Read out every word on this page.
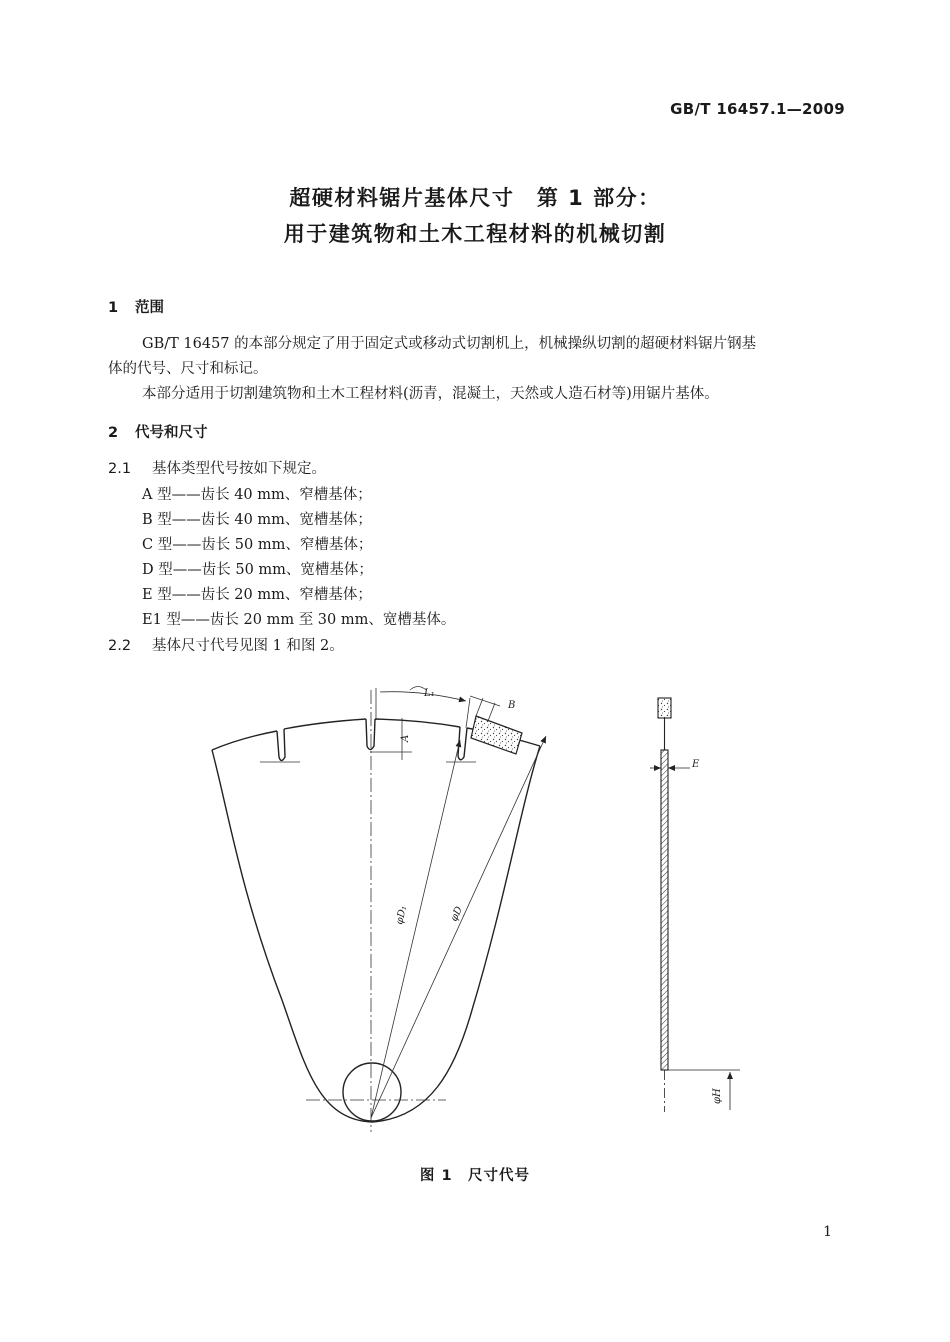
GB/T 16457.1—2009
超硬材料锯片基体尺寸　第 1 部分：
用于建筑物和土木工程材料的机械切割
1 范围
GB/T 16457 的本部分规定了用于固定式或移动式切割机上，机械操纵切割的超硬材料锯片钢基
体的代号、尺寸和标记。
本部分适用于切割建筑物和土木工程材料(沥青，混凝土，天然或人造石材等)用锯片基体。
2 代号和尺寸
2.1 基体类型代号按如下规定。
A 型——齿长 40 mm、窄槽基体；
B 型——齿长 40 mm、宽槽基体；
C 型——齿长 50 mm、窄槽基体；
D 型——齿长 50 mm、宽槽基体；
E 型——齿长 20 mm、窄槽基体；
E1 型——齿长 20 mm 至 30 mm、宽槽基体。
2.2 基体尺寸代号见图 1 和图 2。
L₁
B
A
φD₁	φD
E
φH
图 1　尺寸代号
1
